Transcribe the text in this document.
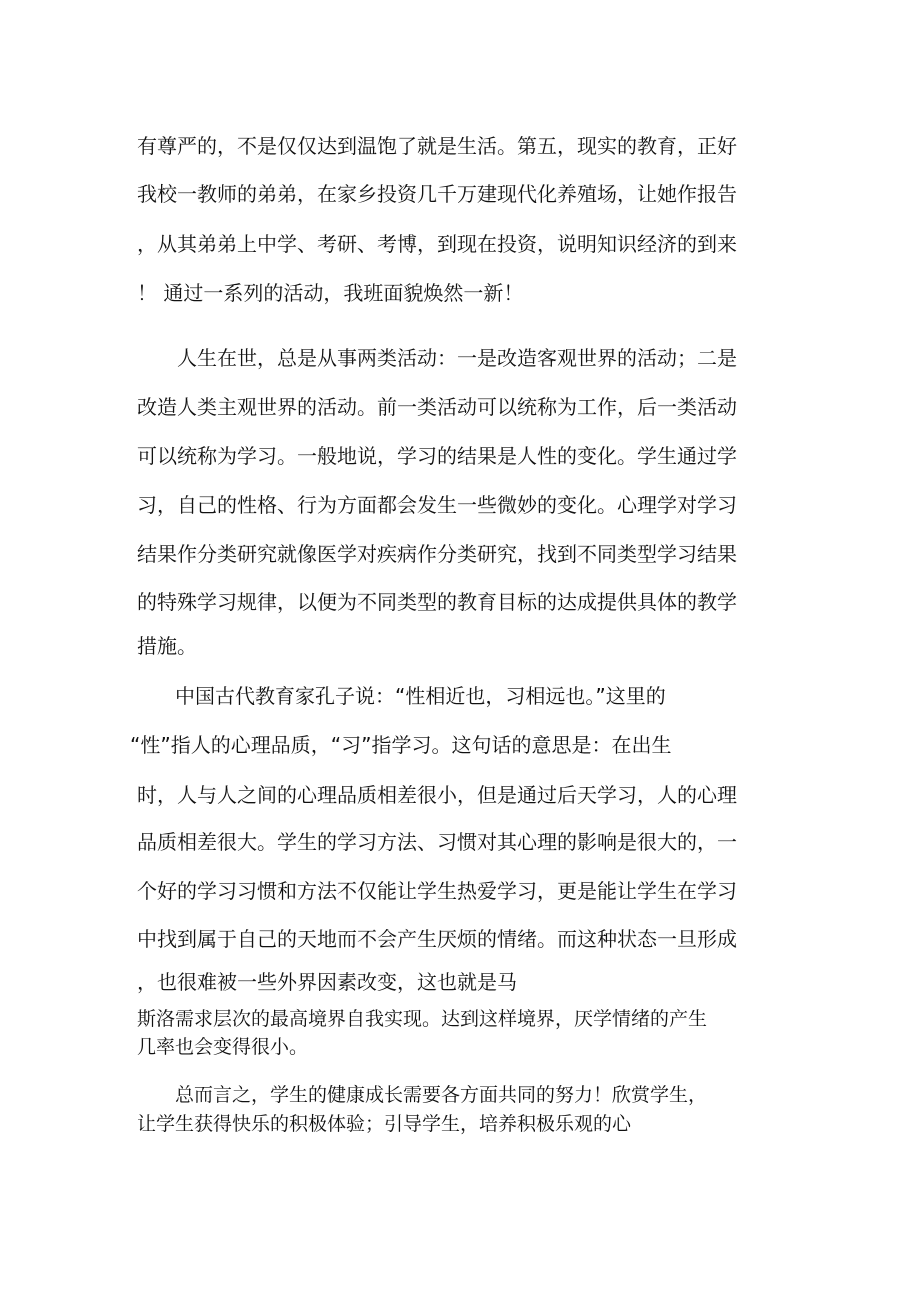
有尊严的，不是仅仅达到温饱了就是生活。第五，现实的教育，正好
我校一教师的弟弟，在家乡投资几千万建现代化养殖场，让她作报告
，从其弟弟上中学、考研、考博，到现在投资，说明知识经济的到来
！ 通过一系列的活动，我班面貌焕然一新！
人生在世，总是从事两类活动：一是改造客观世界的活动；二是
改造人类主观世界的活动。前一类活动可以统称为工作，后一类活动
可以统称为学习。一般地说，学习的结果是人性的变化。学生通过学
习，自己的性格、行为方面都会发生一些微妙的变化。心理学对学习
结果作分类研究就像医学对疾病作分类研究，找到不同类型学习结果
的特殊学习规律，以便为不同类型的教育目标的达成提供具体的教学
措施。
中国古代教育家孔子说：“性相近也，习相远也。”这里的
“性”指人的心理品质，“习”指学习。这句话的意思是：在出生
时，人与人之间的心理品质相差很小，但是通过后天学习，人的心理
品质相差很大。学生的学习方法、习惯对其心理的影响是很大的，一
个好的学习习惯和方法不仅能让学生热爱学习，更是能让学生在学习
中找到属于自己的天地而不会产生厌烦的情绪。而这种状态一旦形成
，也很难被一些外界因素改变，这也就是马
斯洛需求层次的最高境界自我实现。达到这样境界，厌学情绪的产生
几率也会变得很小。
总而言之，学生的健康成长需要各方面共同的努力！欣赏学生，
让学生获得快乐的积极体验；引导学生，培养积极乐观的心
